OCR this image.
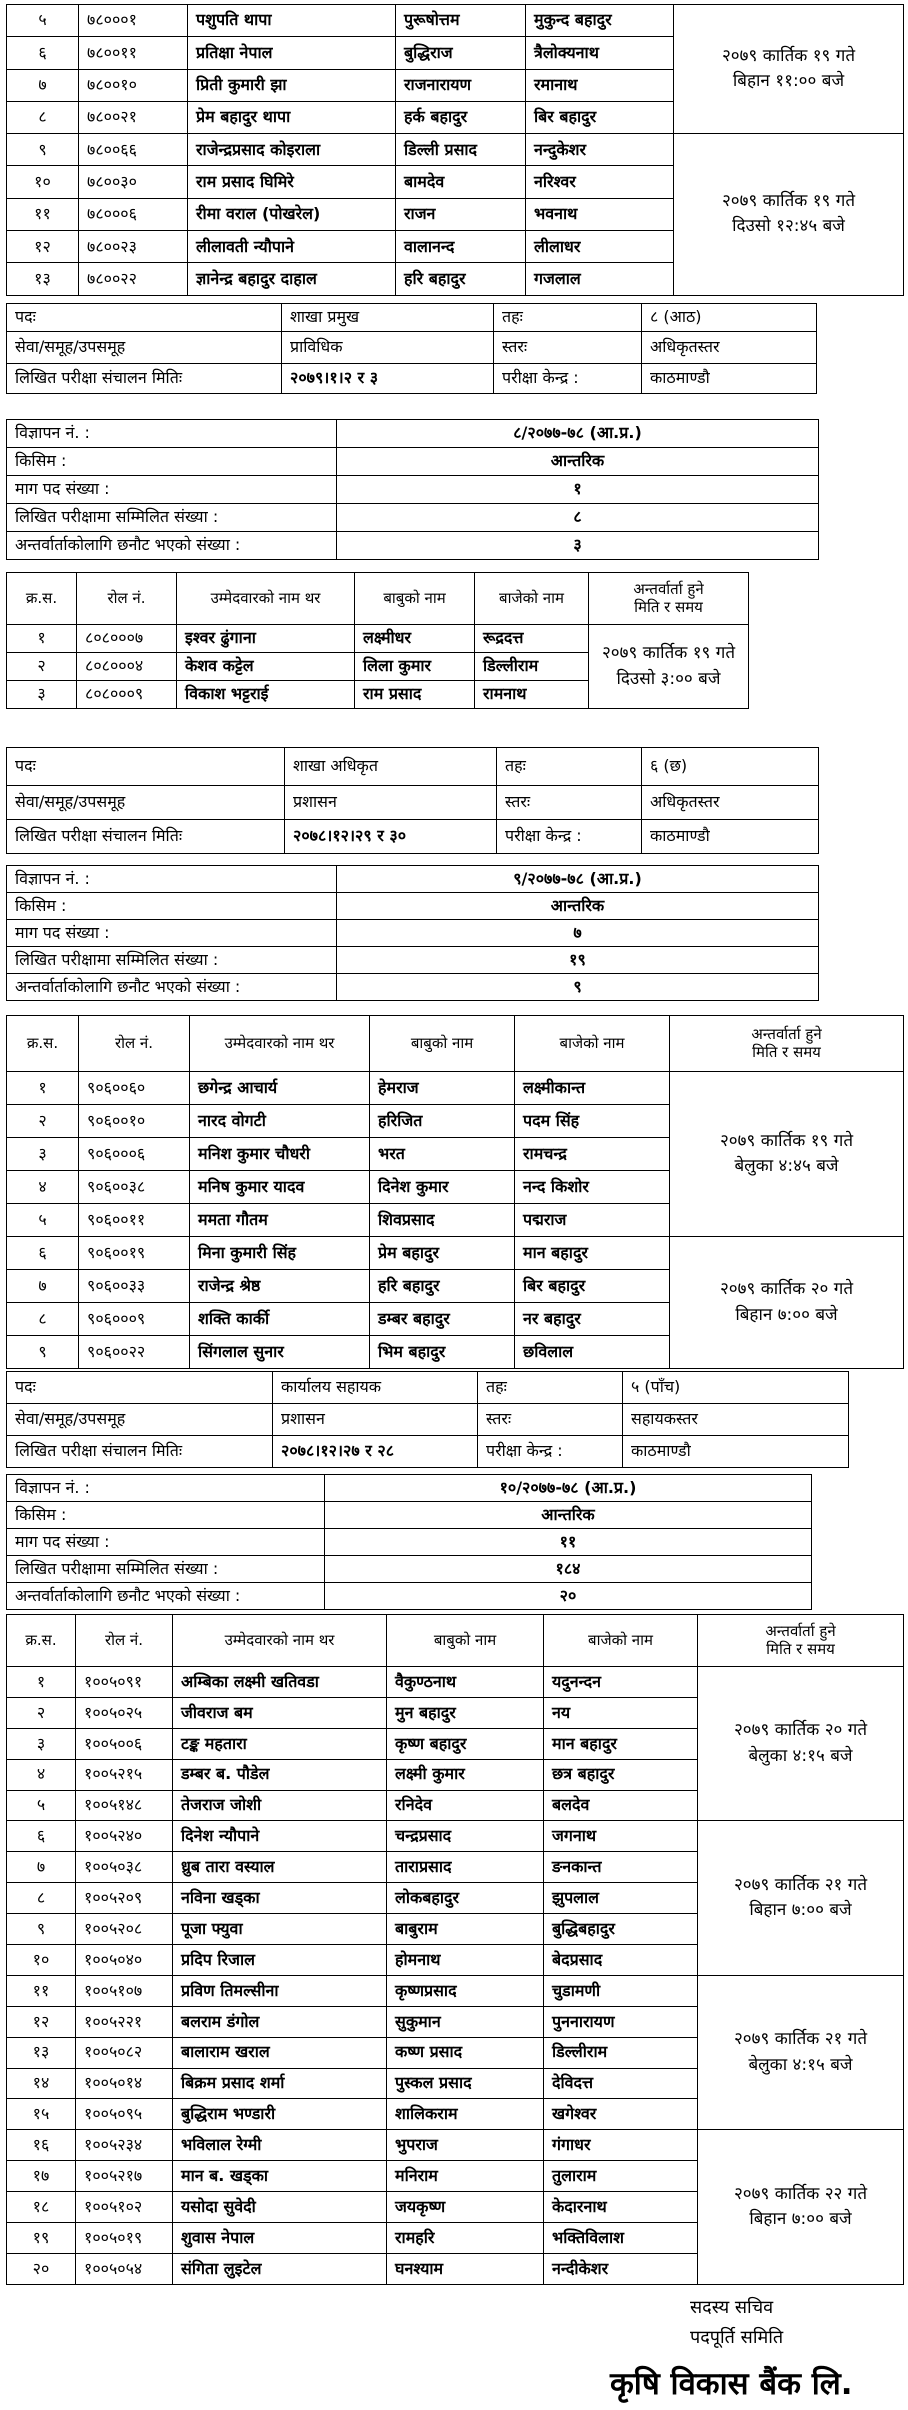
५	७८०००१	पशुपति थापा	पुरूषोत्तम	मुकुन्द बहादुर	२०७९ कार्तिक १९ गते
बिहान ११:०० बजे
६	७८००११	प्रतिक्षा नेपाल	बुद्धिराज	त्रैलोक्यनाथ	
७	७८००१०	प्रिती कुमारी झा	राजनारायण	रमानाथ	
८	७८००२१	प्रेम बहादुर थापा	हर्क बहादुर	बिर बहादुर	
९	७८००६६	राजेन्द्रप्रसाद कोइराला	डिल्ली प्रसाद	नन्दुकेशर	२०७९ कार्तिक १९ गते
दिउसो १२:४५ बजे
१०	७८००३०	राम प्रसाद घिमिरे	बामदेव	नरिश्वर	
११	७८०००६	रीमा वराल (पोखरेल)	राजन	भवनाथ	
१२	७८००२३	लीलावती न्यौपाने	वालानन्द	लीलाधर	
१३	७८००२२	ज्ञानेन्द्र बहादुर दाहाल	हरि बहादुर	गजलाल	
पदः	शाखा प्रमुख	तहः	८ (आठ)
सेवा/समूह/उपसमूह	प्राविधिक	स्तरः	अधिकृतस्तर
लिखित परीक्षा संचालन मितिः	२०७९।१।२ र ३	परीक्षा केन्द्र :	काठमाण्डौ
विज्ञापन नं. :	८/२०७७-७८ (आ.प्र.)
किसिम :	आन्तरिक
माग पद संख्या :	१
लिखित परीक्षामा सम्मिलित संख्या :	८
अन्तर्वार्ताकोलागि छनौट भएको संख्या :	३
क्र.स.	रोल नं.	उम्मेदवारको नाम थर	बाबुको नाम	बाजेको नाम	अन्तर्वार्ता हुने
मिति र समय
१	८०८०००७	इश्वर ढुंगाना	लक्ष्मीधर	रूद्रदत्त	२०७९ कार्तिक १९ गते
दिउसो ३:०० बजे
२	८०८०००४	केशव कट्टेल	लिला कुमार	डिल्लीराम	
३	८०८०००९	विकाश भट्टराई	राम प्रसाद	रामनाथ	
पदः	शाखा अधिकृत	तहः	६ (छ)
सेवा/समूह/उपसमूह	प्रशासन	स्तरः	अधिकृतस्तर
लिखित परीक्षा संचालन मितिः	२०७८।१२।२९ र ३०	परीक्षा केन्द्र :	काठमाण्डौ
विज्ञापन नं. :	९/२०७७-७८ (आ.प्र.)
किसिम :	आन्तरिक
माग पद संख्या :	७
लिखित परीक्षामा सम्मिलित संख्या :	१९
अन्तर्वार्ताकोलागि छनौट भएको संख्या :	९
क्र.स.	रोल नं.	उम्मेदवारको नाम थर	बाबुको नाम	बाजेको नाम	अन्तर्वार्ता हुने
मिति र समय
१	९०६००६०	छगेन्द्र आचार्य	हेमराज	लक्ष्मीकान्त	२०७९ कार्तिक १९ गते
बेलुका ४:४५ बजे
२	९०६००१०	नारद वोगटी	हरिजित	पदम सिंह	
३	९०६०००६	मनिश कुमार चौधरी	भरत	रामचन्द्र	
४	९०६००३८	मनिष कुमार यादव	दिनेश कुमार	नन्द किशोर	
५	९०६००११	ममता गौतम	शिवप्रसाद	पद्मराज	
६	९०६००१९	मिना कुमारी सिंह	प्रेम बहादुर	मान बहादुर	२०७९ कार्तिक २० गते
बिहान ७:०० बजे
७	९०६००३३	राजेन्द्र श्रेष्ठ	हरि बहादुर	बिर बहादुर	
८	९०६०००९	शक्ति कार्की	डम्बर बहादुर	नर बहादुर	
९	९०६००२२	सिंगलाल सुनार	भिम बहादुर	छविलाल	
पदः	कार्यालय सहायक	तहः	५ (पाँच)
सेवा/समूह/उपसमूह	प्रशासन	स्तरः	सहायकस्तर
लिखित परीक्षा संचालन मितिः	२०७८।१२।२७ र २८	परीक्षा केन्द्र :	काठमाण्डौ
विज्ञापन नं. :	१०/२०७७-७८ (आ.प्र.)
किसिम :	आन्तरिक
माग पद संख्या :	११
लिखित परीक्षामा सम्मिलित संख्या :	१८४
अन्तर्वार्ताकोलागि छनौट भएको संख्या :	२०
क्र.स.	रोल नं.	उम्मेदवारको नाम थर	बाबुको नाम	बाजेको नाम	अन्तर्वार्ता हुने
मिति र समय
१	१००५०९१	अम्बिका लक्ष्मी खतिवडा	वैकुण्ठनाथ	यदुनन्दन	२०७९ कार्तिक २० गते
बेलुका ४:१५ बजे
२	१००५०२५	जीवराज बम	मुन बहादुर	नय	
३	१००५००६	टङ्क महतारा	कृष्ण बहादुर	मान बहादुर	
४	१००५२१५	डम्बर ब. पौडेल	लक्ष्मी कुमार	छत्र बहादुर	
५	१००५१४८	तेजराज जोशी	रनिदेव	बलदेव	
६	१००५२४०	दिनेश न्यौपाने	चन्द्रप्रसाद	जगनाथ	२०७९ कार्तिक २१ गते
बिहान ७:०० बजे
७	१००५०३८	ध्रुब तारा वस्याल	ताराप्रसाद	ङनकान्त	
८	१००५२०९	नविना खड्का	लोकबहादुर	झुपलाल	
९	१००५२०८	पूजा फ्युवा	बाबुराम	बुद्धिबहादुर	
१०	१००५०४०	प्रदिप रिजाल	होमनाथ	बेदप्रसाद	
११	१००५१०७	प्रविण तिमल्सीना	कृष्णप्रसाद	चुडामणी	२०७९ कार्तिक २१ गते
बेलुका ४:१५ बजे
१२	१००५२२१	बलराम डंगोल	सुकुमान	पुननारायण	
१३	१००५०८२	बालाराम खराल	कष्ण प्रसाद	डिल्लीराम	
१४	१००५०१४	बिक्रम प्रसाद शर्मा	पुस्कल प्रसाद	देविदत्त	
१५	१००५०९५	बुद्धिराम भण्डारी	शालिकराम	खगेश्वर	
१६	१००५२३४	भविलाल रेग्मी	भुपराज	गंगाधर	२०७९ कार्तिक २२ गते
बिहान ७:०० बजे
१७	१००५२१७	मान ब. खड्का	मनिराम	तुलाराम	
१८	१००५१०२	यसोदा सुवेदी	जयकृष्ण	केदारनाथ	
१९	१००५०१९	शुवास नेपाल	रामहरि	भक्तिविलाश	
२०	१००५०५४	संगिता लुइटेल	घनश्याम	नन्दीकेशर	
सदस्य सचिव
पदपूर्ति समिति
कृषि विकास बैंक लि.
